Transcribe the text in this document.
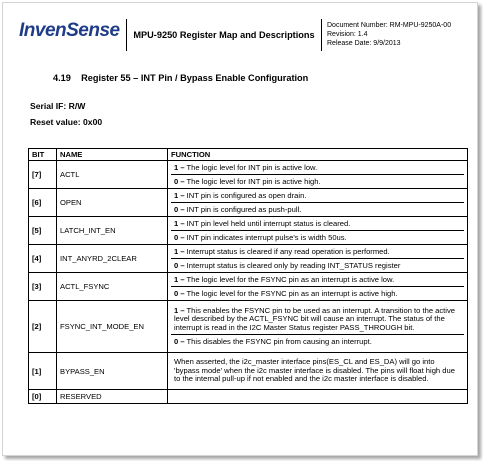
InvenSense	MPU-9250 Register Map and Descriptions
Document Number: RM-MPU-9250A-00
Revision: 1.4
Release Date: 9/9/2013
4.19    Register 55 – INT Pin / Bypass Enable Configuration
Serial IF: R/W
Reset value: 0x00
BIT	NAME	FUNCTION
[7]	ACTL	1 – The logic level for INT pin is active low.
0 – The logic level for INT pin is active high.

[6]	OPEN	1 – INT pin is configured as open drain.
0 – INT pin is configured as push-pull.

[5]	LATCH_INT_EN	1 – INT pin level held until interrupt status is cleared.
0 – INT pin indicates interrupt pulse's is width 50us.

[4]	INT_ANYRD_2CLEAR	1 – Interrupt status is cleared if any read operation is performed.
0 – Interrupt status is cleared only by reading INT_STATUS register

[3]	ACTL_FSYNC	1 – The logic level for the FSYNC pin as an interrupt is active low.
0 – The logic level for the FSYNC pin as an interrupt is active high.

[2]	FSYNC_INT_MODE_EN	1 – This enables the FSYNC pin to be used as an interrupt. A transition to the active level described by the ACTL_FSYNC bit will cause an interrupt. The status of the interrupt is read in the I2C Master Status register PASS_THROUGH bit.
0 – This disables the FSYNC pin from causing an interrupt.

[1]	BYPASS_EN	When asserted, the i2c_master interface pins(ES_CL and ES_DA) will go into 'bypass mode' when the i2c master interface is disabled. The pins will float high due to the internal pull-up if not enabled and the i2c master interface is disabled.

[0]	RESERVED	
